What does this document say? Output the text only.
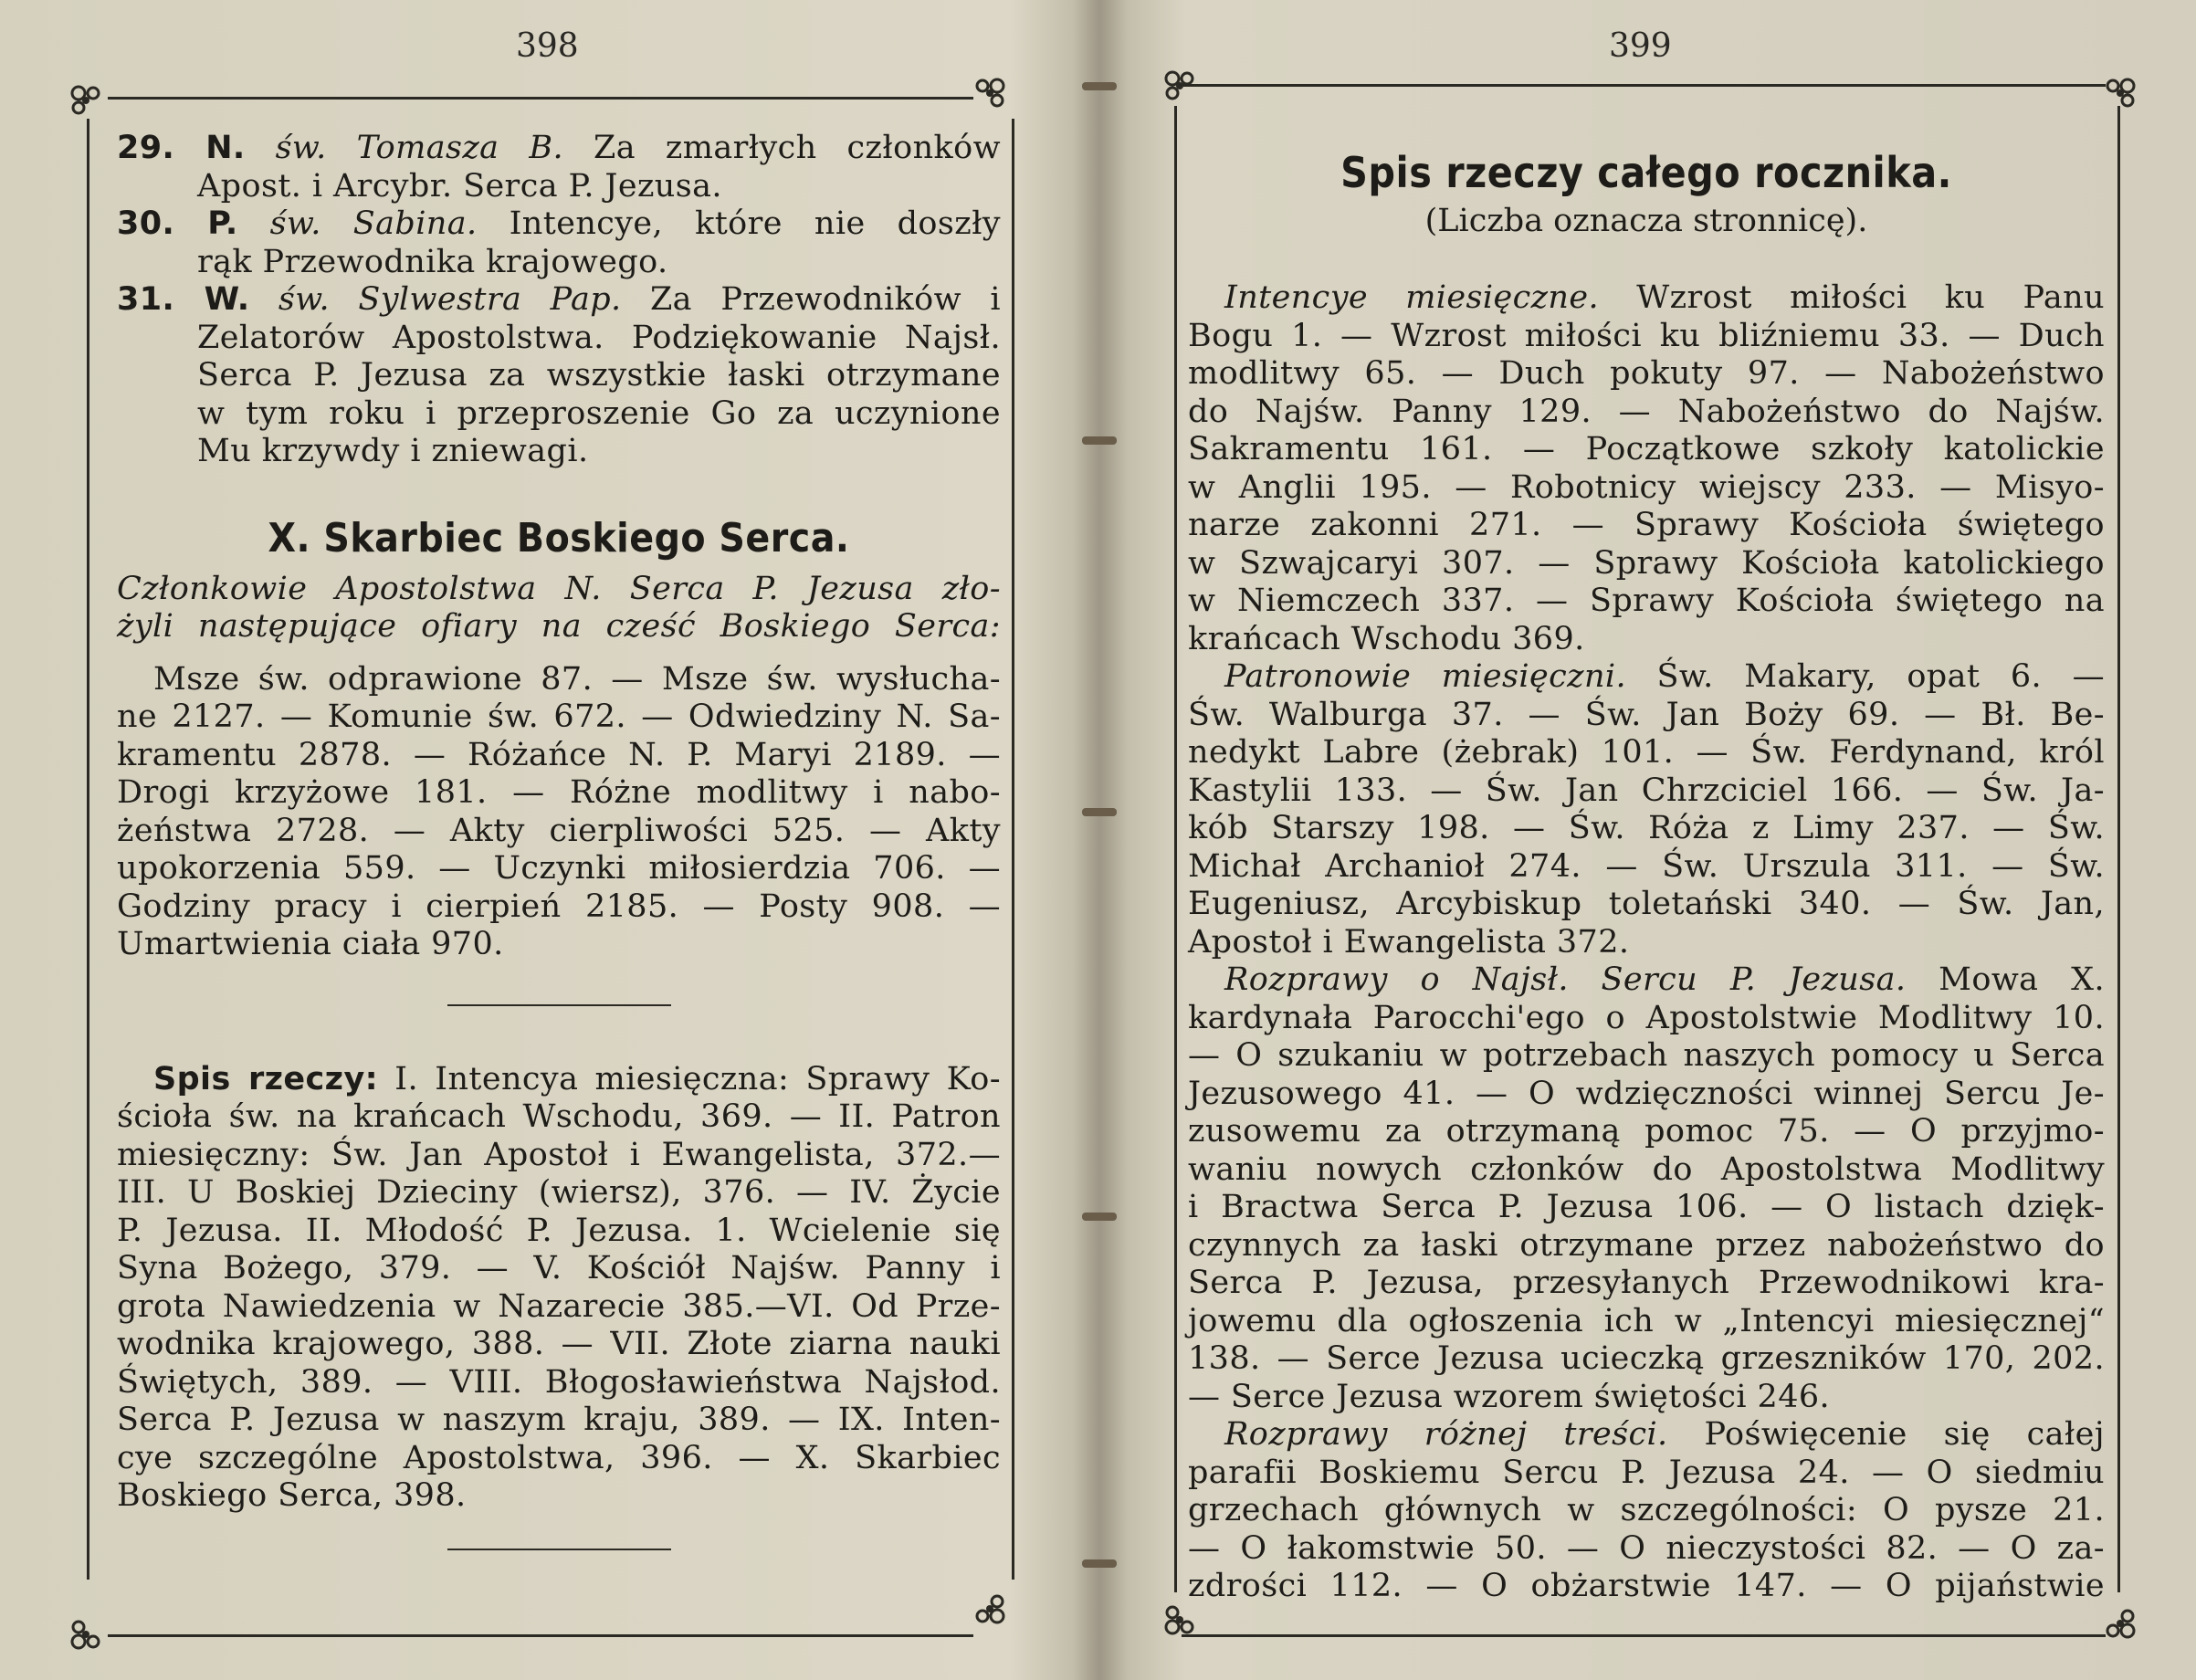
398
29. N. św. Tomasza B. Za zmarłych członków
Apost. i Arcybr. Serca P. Jezusa.
30. P. św. Sabina. Intencye, które nie doszły
rąk Przewodnika krajowego.
31. W. św. Sylwestra Pap. Za Przewodników i
Zelatorów Apostolstwa. Podziękowanie Najsł.
Serca P. Jezusa za wszystkie łaski otrzymane
w tym roku i przeproszenie Go za uczynione
Mu krzywdy i zniewagi.
X. Skarbiec Boskiego Serca.
Członkowie Apostolstwa N. Serca P. Jezusa zło-
żyli następujące ofiary na cześć Boskiego Serca:
Msze św. odprawione 87. — Msze św. wysłucha-
ne 2127. — Komunie św. 672. — Odwiedziny N. Sa-
kramentu 2878. — Różańce N. P. Maryi 2189. —
Drogi krzyżowe 181. — Różne modlitwy i nabo-
żeństwa 2728. — Akty cierpliwości 525. — Akty
upokorzenia 559. — Uczynki miłosierdzia 706. —
Godziny pracy i cierpień 2185. — Posty 908. —
Umartwienia ciała 970.
Spis rzeczy: I. Intencya miesięczna: Sprawy Ko-
ścioła św. na krańcach Wschodu, 369. — II. Patron
miesięczny: Św. Jan Apostoł i Ewangelista, 372.—
III. U Boskiej Dzieciny (wiersz), 376. — IV. Życie
P. Jezusa. II. Młodość P. Jezusa. 1. Wcielenie się
Syna Bożego, 379. — V. Kościół Najśw. Panny i
grota Nawiedzenia w Nazarecie 385.—VI. Od Prze-
wodnika krajowego, 388. — VII. Złote ziarna nauki
Świętych, 389. — VIII. Błogosławieństwa Najsłod.
Serca P. Jezusa w naszym kraju, 389. — IX. Inten-
cye szczególne Apostolstwa, 396. — X. Skarbiec
Boskiego Serca, 398.
399
Spis rzeczy całego rocznika.
(Liczba oznacza stronnicę).
Intencye miesięczne. Wzrost miłości ku Panu
Bogu 1. — Wzrost miłości ku bliźniemu 33. — Duch
modlitwy 65. — Duch pokuty 97. — Nabożeństwo
do Najśw. Panny 129. — Nabożeństwo do Najśw.
Sakramentu 161. — Początkowe szkoły katolickie
w Anglii 195. — Robotnicy wiejscy 233. — Misyo-
narze zakonni 271. — Sprawy Kościoła świętego
w Szwajcaryi 307. — Sprawy Kościoła katolickiego
w Niemczech 337. — Sprawy Kościoła świętego na
krańcach Wschodu 369.
Patronowie miesięczni. Św. Makary, opat 6. —
Św. Walburga 37. — Św. Jan Boży 69. — Bł. Be-
nedykt Labre (żebrak) 101. — Św. Ferdynand, król
Kastylii 133. — Św. Jan Chrzciciel 166. — Św. Ja-
kób Starszy 198. — Św. Róża z Limy 237. — Św.
Michał Archanioł 274. — Św. Urszula 311. — Św.
Eugeniusz, Arcybiskup toletański 340. — Św. Jan,
Apostoł i Ewangelista 372.
Rozprawy o Najsł. Sercu P. Jezusa. Mowa X.
kardynała Parocchi'ego o Apostolstwie Modlitwy 10.
— O szukaniu w potrzebach naszych pomocy u Serca
Jezusowego 41. — O wdzięczności winnej Sercu Je-
zusowemu za otrzymaną pomoc 75. — O przyjmo-
waniu nowych członków do Apostolstwa Modlitwy
i Bractwa Serca P. Jezusa 106. — O listach dzięk-
czynnych za łaski otrzymane przez nabożeństwo do
Serca P. Jezusa, przesyłanych Przewodnikowi kra-
jowemu dla ogłoszenia ich w „Intencyi miesięcznej“
138. — Serce Jezusa ucieczką grzeszników 170, 202.
— Serce Jezusa wzorem świętości 246.
Rozprawy różnej treści. Poświęcenie się całej
parafii Boskiemu Sercu P. Jezusa 24. — O siedmiu
grzechach głównych w szczególności: O pysze 21.
— O łakomstwie 50. — O nieczystości 82. — O za-
zdrości 112. — O obżarstwie 147. — O pijaństwie
